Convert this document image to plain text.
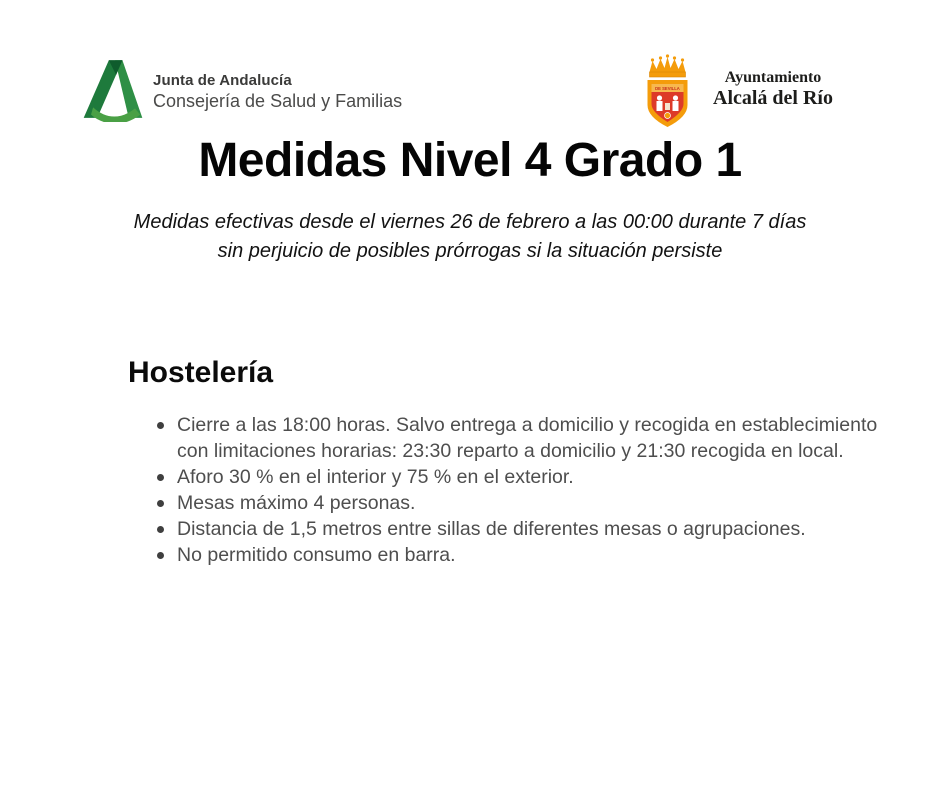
Junta de Andalucía
Consejería de Salud y Familias
DE SEVILLA
Ayuntamiento
Alcalá del Río
Medidas Nivel 4 Grado 1
Medidas efectivas desde el viernes 26 de febrero a las 00:00 durante 7 días
sin perjuicio de posibles prórrogas si la situación persiste
Hostelería
Cierre a las 18:00 horas. Salvo entrega a domicilio y recogida en establecimiento con limitaciones horarias: 23:30 reparto a domicilio y 21:30 recogida en local.
Aforo 30 % en el interior y 75 % en el exterior.
Mesas máximo 4 personas.
Distancia de 1,5 metros entre sillas de diferentes mesas o agrupaciones.
No permitido consumo en barra.
